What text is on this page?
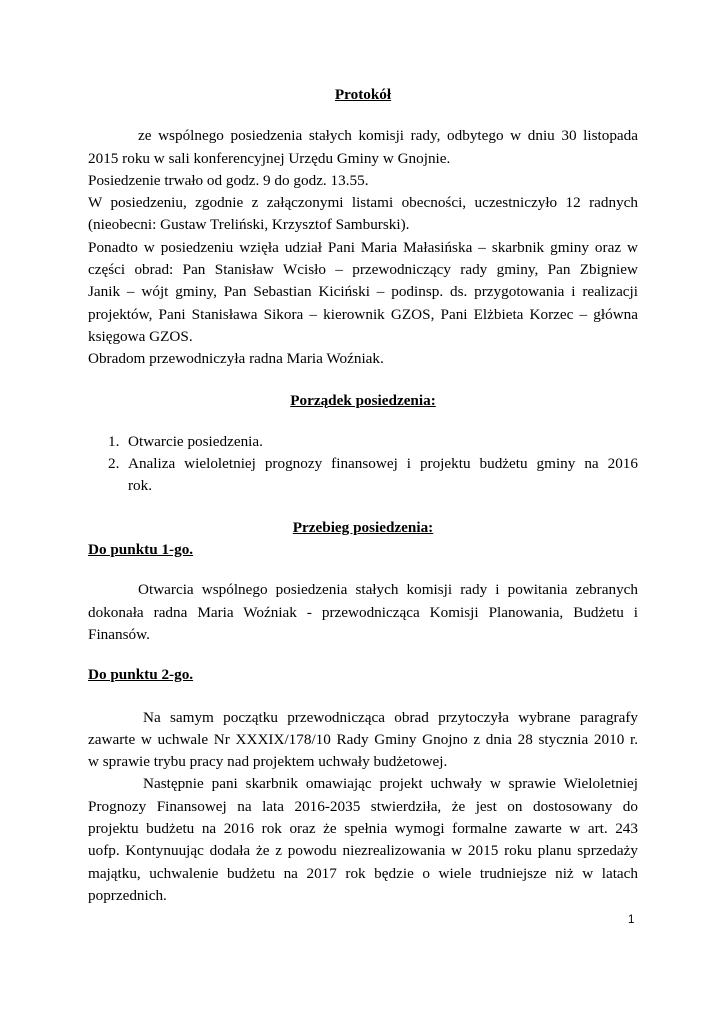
Protokół
ze wspólnego posiedzenia stałych komisji rady, odbytego w dniu 30 listopada
2015 roku w sali konferencyjnej Urzędu Gminy w Gnojnie.
Posiedzenie trwało od godz. 9 do godz. 13.55.
W posiedzeniu, zgodnie z załączonymi listami obecności, uczestniczyło 12 radnych
(nieobecni: Gustaw Treliński, Krzysztof Samburski).
Ponadto w posiedzeniu wzięła udział Pani Maria Małasińska – skarbnik gminy oraz w
części obrad: Pan Stanisław Wcisło – przewodniczący rady gminy, Pan Zbigniew
Janik – wójt gminy, Pan Sebastian Kiciński – podinsp. ds. przygotowania i realizacji
projektów, Pani Stanisława Sikora – kierownik GZOS, Pani Elżbieta Korzec – główna
księgowa GZOS.
Obradom przewodniczyła radna Maria Woźniak.
Porządek posiedzenia:
1. Otwarcie posiedzenia.
2. Analiza wieloletniej prognozy finansowej i projektu budżetu gminy na 2016
rok.
Przebieg posiedzenia:
Do punktu 1-go.
Otwarcia wspólnego posiedzenia stałych komisji rady i powitania zebranych
dokonała radna Maria Woźniak - przewodnicząca Komisji Planowania, Budżetu i
Finansów.
Do punktu 2-go.
Na samym początku przewodnicząca obrad przytoczyła wybrane paragrafy
zawarte w uchwale Nr XXXIX/178/10 Rady Gminy Gnojno z dnia 28 stycznia 2010 r.
w sprawie trybu pracy nad projektem uchwały budżetowej.
Następnie pani skarbnik omawiając projekt uchwały w sprawie Wieloletniej
Prognozy Finansowej na lata 2016-2035 stwierdziła, że jest on dostosowany do
projektu budżetu na 2016 rok oraz że spełnia wymogi formalne zawarte w art. 243
uofp. Kontynuując dodała że z powodu niezrealizowania w 2015 roku planu sprzedaży
majątku, uchwalenie budżetu na 2017 rok będzie o wiele trudniejsze niż w latach
poprzednich.
1
